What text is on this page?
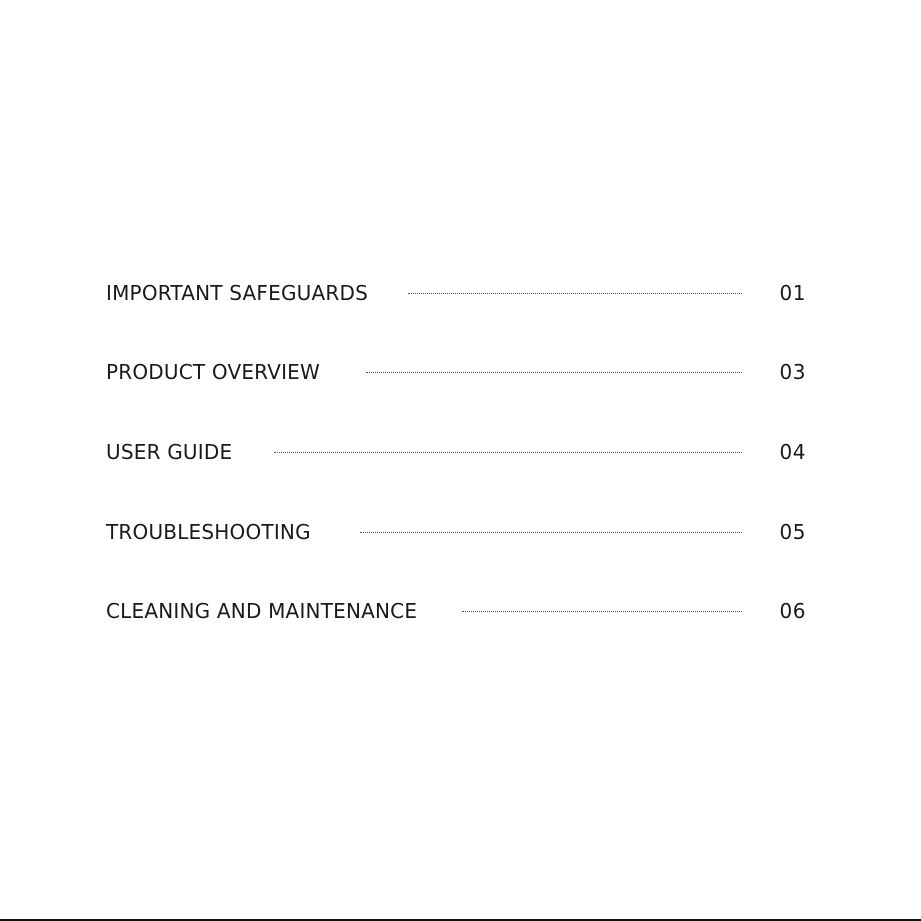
IMPORTANT SAFEGUARDS	01
PRODUCT OVERVIEW	03
USER GUIDE	04
TROUBLESHOOTING	05
CLEANING AND MAINTENANCE	06
